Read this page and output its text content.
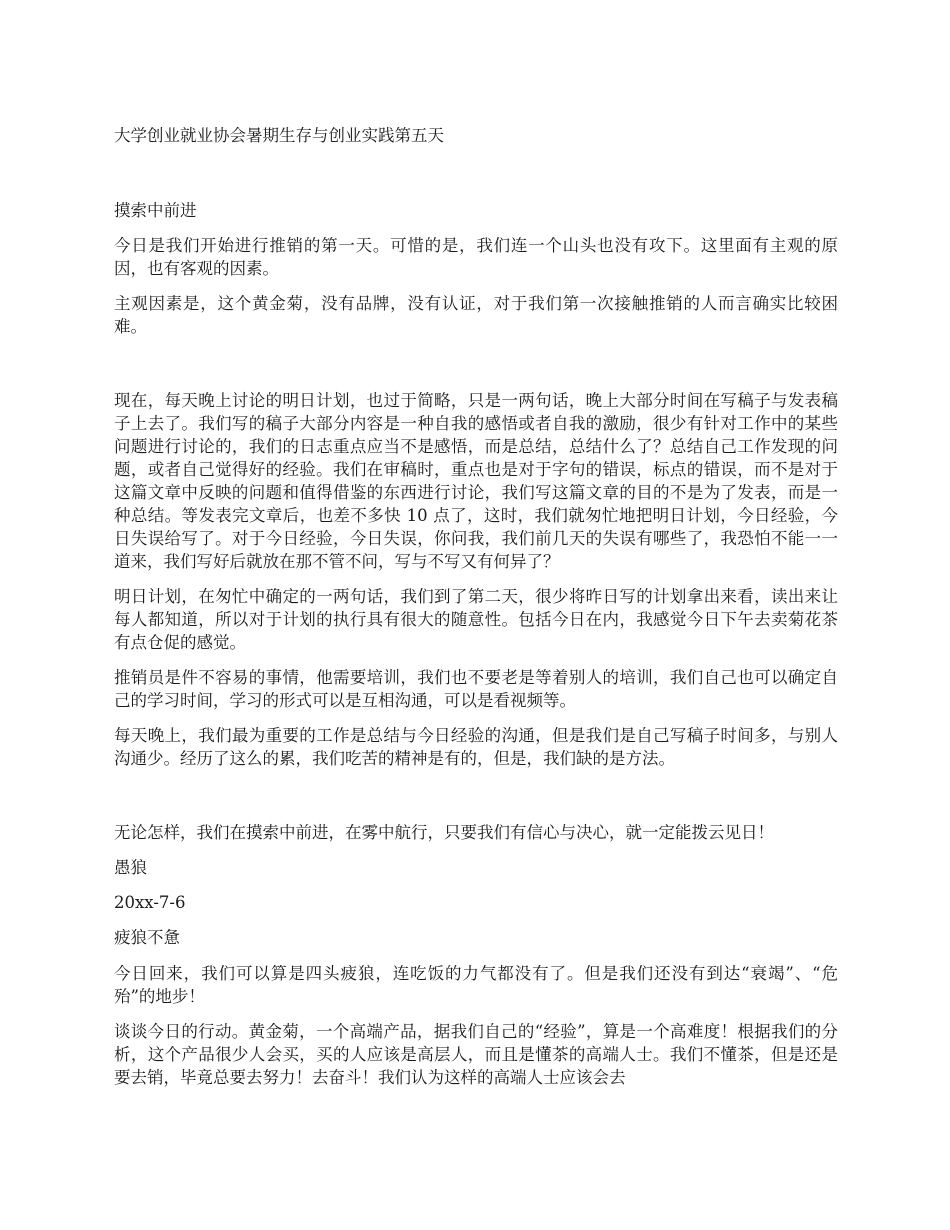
大学创业就业协会暑期生存与创业实践第五天

摸索中前进

今日是我们开始进行推销的第一天。可惜的是，我们连一个山头也没有攻下。这里面有主观的原因，也有客观的因素。

主观因素是，这个黄金菊，没有品牌，没有认证，对于我们第一次接触推销的人而言确实比较困难。

现在，每天晚上讨论的明日计划，也过于简略，只是一两句话，晚上大部分时间在写稿子与发表稿子上去了。我们写的稿子大部分内容是一种自我的感悟或者自我的激励，很少有针对工作中的某些问题进行讨论的，我们的日志重点应当不是感悟，而是总结，总结什么了？总结自己工作发现的问题，或者自己觉得好的经验。我们在审稿时，重点也是对于字句的错误，标点的错误，而不是对于这篇文章中反映的问题和值得借鉴的东西进行讨论，我们写这篇文章的目的不是为了发表，而是一种总结。等发表完文章后，也差不多快 10 点了，这时，我们就匆忙地把明日计划，今日经验，今日失误给写了。对于今日经验，今日失误，你问我，我们前几天的失误有哪些了，我恐怕不能一一道来，我们写好后就放在那不管不问，写与不写又有何异了？

明日计划，在匆忙中确定的一两句话，我们到了第二天，很少将昨日写的计划拿出来看，读出来让每人都知道，所以对于计划的执行具有很大的随意性。包括今日在内，我感觉今日下午去卖菊花茶有点仓促的感觉。

推销员是件不容易的事情，他需要培训，我们也不要老是等着别人的培训，我们自己也可以确定自己的学习时间，学习的形式可以是互相沟通，可以是看视频等。

每天晚上，我们最为重要的工作是总结与今日经验的沟通，但是我们是自己写稿子时间多，与别人沟通少。经历了这么的累，我们吃苦的精神是有的，但是，我们缺的是方法。

无论怎样，我们在摸索中前进，在雾中航行，只要我们有信心与决心，就一定能拨云见日！

愚狼

20xx-7-6

疲狼不惫

今日回来，我们可以算是四头疲狼，连吃饭的力气都没有了。但是我们还没有到达“衰竭”、“危殆”的地步！

谈谈今日的行动。黄金菊，一个高端产品，据我们自己的“经验”，算是一个高难度！根据我们的分析，这个产品很少人会买，买的人应该是高层人，而且是懂茶的高端人士。我们不懂茶，但是还是要去销，毕竟总要去努力！去奋斗！我们认为这样的高端人士应该会去
